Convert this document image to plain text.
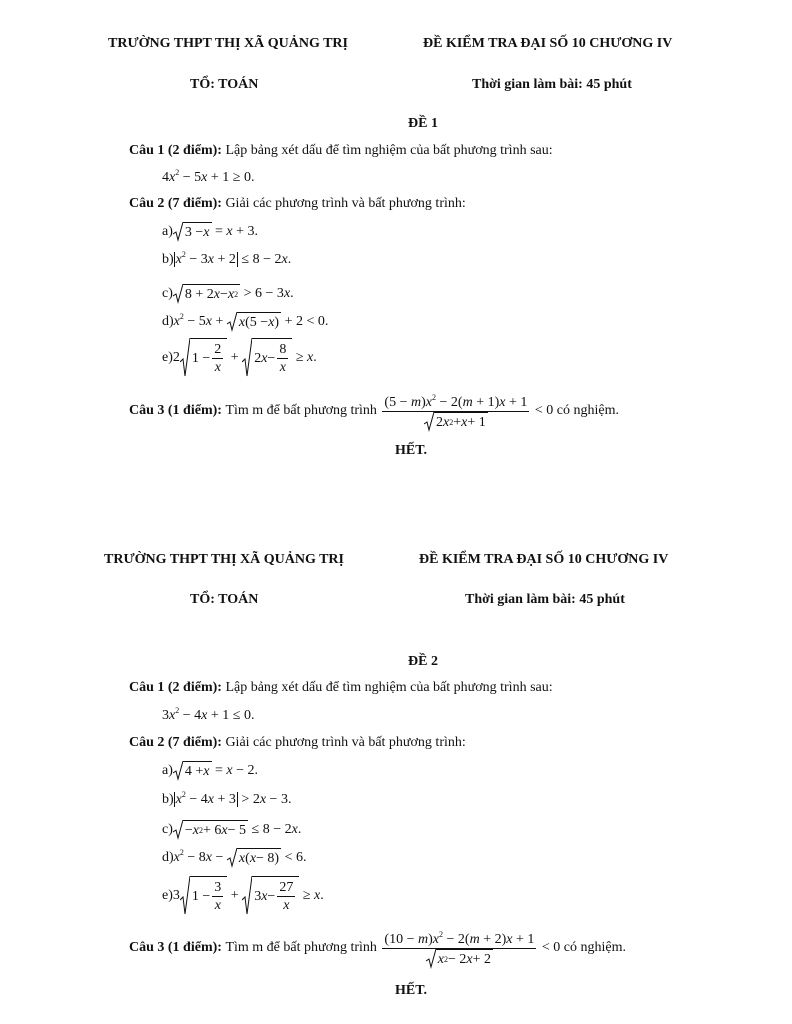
TRƯỜNG THPT THỊ XÃ QUẢNG TRỊ	ĐỀ KIỂM TRA ĐẠI SỐ 10 CHƯƠNG IV
TỔ: TOÁN	Thời gian làm bài: 45 phút
ĐỀ 1
Câu 1 (2 điểm): Lập bảng xét dấu để tìm nghiệm của bất phương trình sau:
$4x^2 - 5x + 1 \ge 0$.
Câu 2 (7 điểm): Giải các phương trình và bất phương trình:
a) 3 − x = x + 3.
b) $x^2 - 3x + 2 \le 8 - 2x$.
c) 8 + 2 x − x 2 > 6 − 3x.
$d)x^2 - 5x + x$ (5 − x ) + 2 < 0.
e)2 $1 - \frac{2}{x} + 2$ $x - \frac{8}{x} \ge x$.
Câu 3 (1 điểm): Tìm m để bất phương trình $\frac{(5 - m)x^2 - 2(m + 1)x + 1}{2 x 2 + x + 1} < 0$ có nghiệm.
HẾT.
TRƯỜNG THPT THỊ XÃ QUẢNG TRỊ	ĐỀ KIỂM TRA ĐẠI SỐ 10 CHƯƠNG IV
TỔ: TOÁN	Thời gian làm bài: 45 phút
ĐỀ 2
Câu 1 (2 điểm): Lập bảng xét dấu để tìm nghiệm của bất phương trình sau:
$3x^2 - 4x + 1 \le 0$.
Câu 2 (7 điểm): Giải các phương trình và bất phương trình:
a) 4 + x = x − 2.
b) $x^2 - 4x + 3 > 2x - 3$.
c) − x 2 + 6 x − 5 ≤ 8 − 2x.
$d)x^2 - 8x - x$ ( x − 8) < 6.
e)3 $1 - \frac{3}{x} + 3$ $x - \frac{27}{x} \ge x$.
Câu 3 (1 điểm): Tìm m để bất phương trình $\frac{(10 - m)x^2 - 2(m + 2)x + 1}{x 2 - 2 x + 2} < 0$ có nghiệm.
HẾT.
